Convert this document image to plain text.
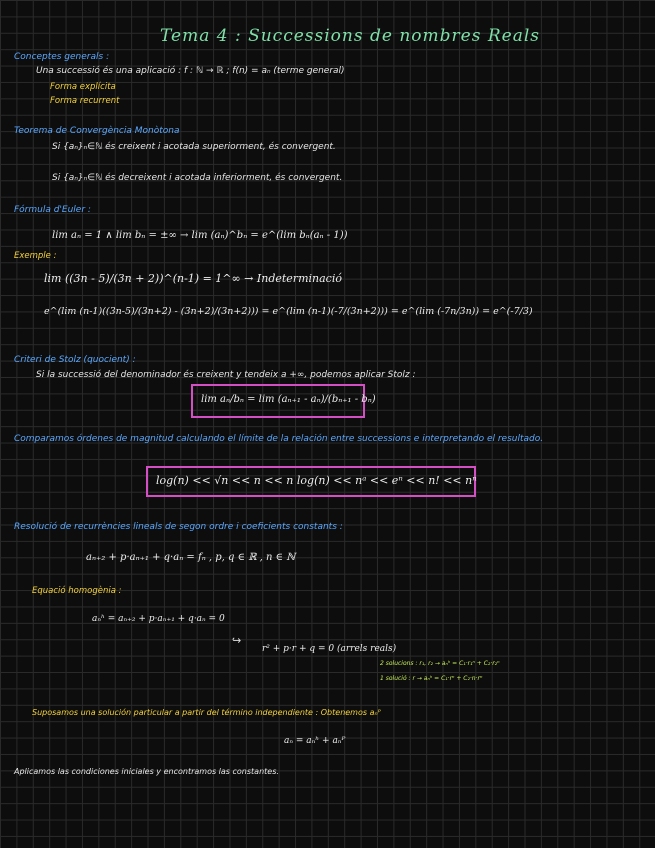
Tema 4 : Successions de nombres Reals
Conceptes generals :
Una successió és una aplicació : f : ℕ → ℝ ; f(n) = aₙ (terme general)
Forma explícita
Forma recurrent
Teorema de Convergència Monòtona
Si {aₙ}ₙ∈ℕ és creixent i acotada superiorment, és convergent.
Si {aₙ}ₙ∈ℕ és decreixent i acotada inferiorment, és convergent.
Fórmula d'Euler :
lim aₙ = 1 ∧ lim bₙ = ±∞ → lim (aₙ)^bₙ = e^(lim bₙ(aₙ - 1))
Exemple :
lim ((3n - 5)/(3n + 2))^(n-1) = 1^∞ → Indeterminació
e^(lim (n-1)((3n-5)/(3n+2) - (3n+2)/(3n+2))) = e^(lim (n-1)(-7/(3n+2))) = e^(lim (-7n/3n)) = e^(-7/3)
Criteri de Stolz (quocient) :
Si la successió del denominador és creixent y tendeix a +∞, podemos aplicar Stolz :
lim aₙ/bₙ = lim (aₙ₊₁ - aₙ)/(bₙ₊₁ - bₙ)
Comparamos órdenes de magnitud calculando el límite de la relación entre successions e interpretando el resultado.
log(n) << √n << n << n log(n) << nᵃ << eⁿ << n! << nⁿ
Resolució de recurrències lineals de segon ordre i coeficients constants :
aₙ₊₂ + p·aₙ₊₁ + q·aₙ = fₙ , p, q ∈ ℝ , n ∈ ℕ
Equació homogènia :
aₙʰ = aₙ₊₂ + p·aₙ₊₁ + q·aₙ = 0
↪
r² + p·r + q = 0 (arrels reals)
2 solucions : r₁, r₂ → aₙʰ = C₁·r₁ⁿ + C₂·r₂ⁿ
1 solució : r → aₙʰ = C₁·rⁿ + C₂·n·rⁿ
Suposamos una solución particular a partir del término independiente : Obtenemos aₙᴾ
aₙ = aₙʰ + aₙᴾ
Aplicamos las condiciones iniciales y encontramos las constantes.
